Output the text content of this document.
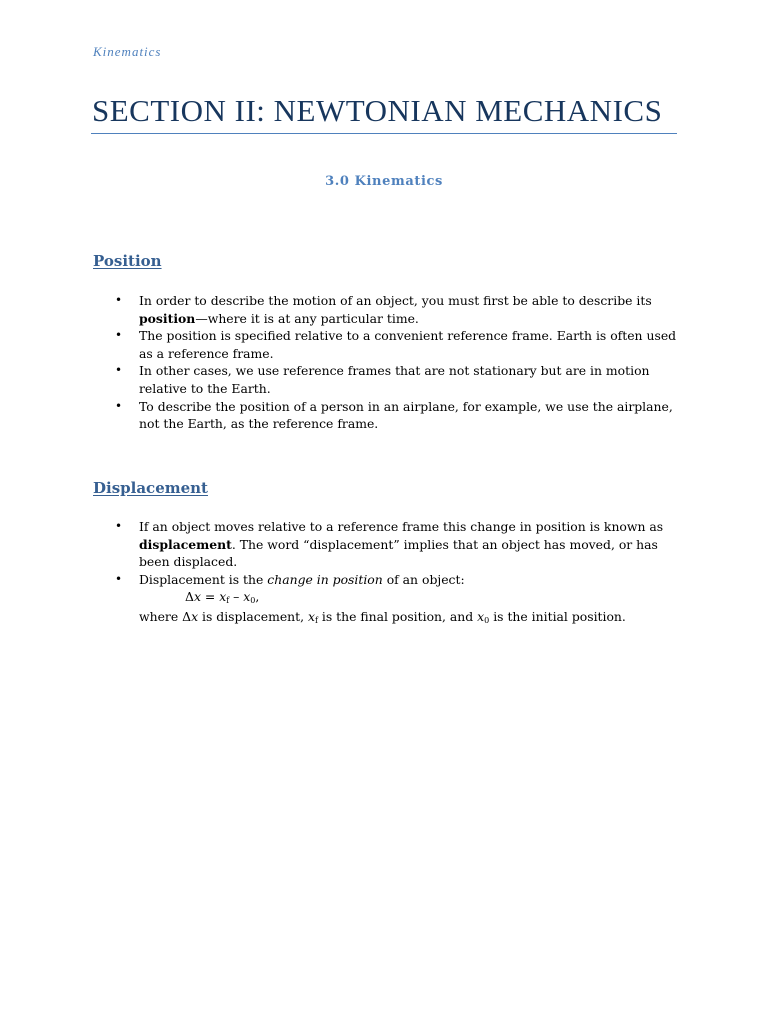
Kinematics
SECTION II: NEWTONIAN MECHANICS
3.0 Kinematics
Position
• In order to describe the motion of an object, you must first be able to describe its position—where it is at any particular time.
• The position is specified relative to a convenient reference frame. Earth is often used as a reference frame.
• In other cases, we use reference frames that are not stationary but are in motion relative to the Earth.
• To describe the position of a person in an airplane, for example, we use the airplane, not the Earth, as the reference frame.
Displacement
• If an object moves relative to a reference frame this change in position is known as displacement. The word “displacement” implies that an object has moved, or has been displaced.
• Displacement is the change in position of an object:
$\Delta x = x_f - x_0$,
where Δx is displacement, $x_f$ is the final position, and $x_0$ is the initial position.
